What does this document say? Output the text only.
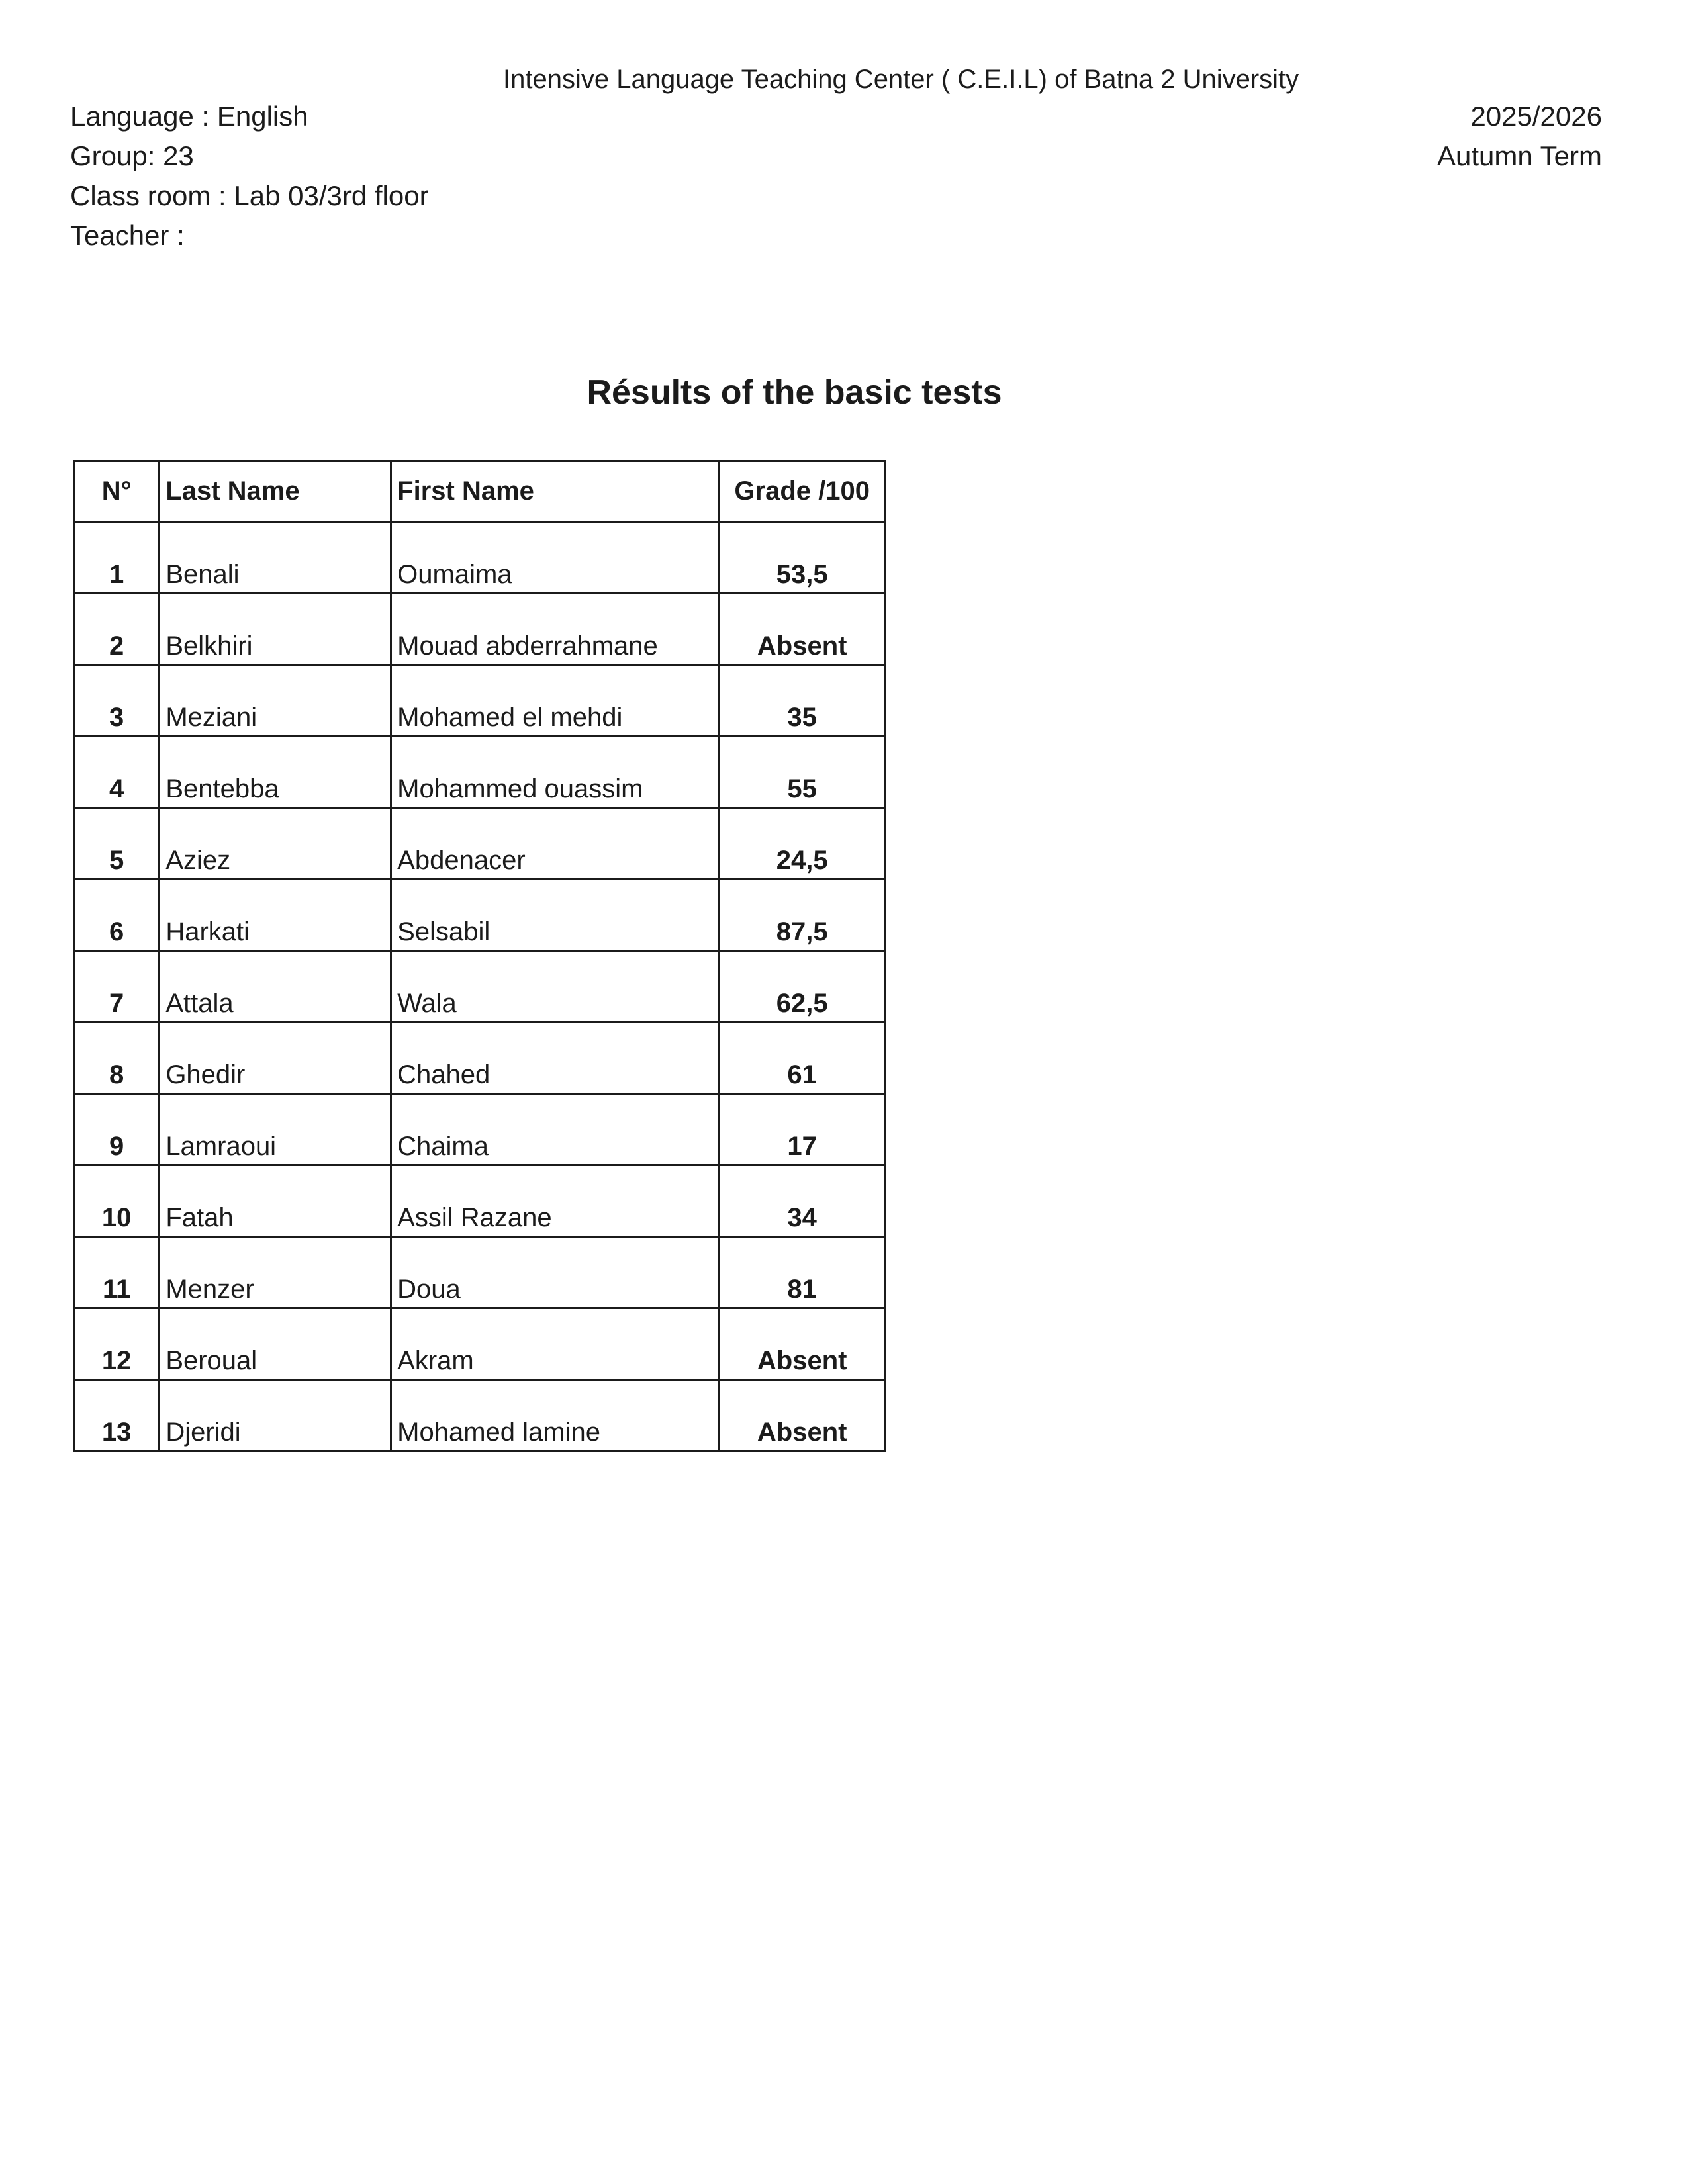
Intensive Language Teaching Center ( C.E.I.L) of Batna 2 University
Language : English
Group: 23
Class room : Lab 03/3rd floor
Teacher :
2025/2026
Autumn Term
Résults of the basic tests
N°	Last Name	First Name	Grade /100
1	Benali	Oumaima	53,5
2	Belkhiri	Mouad abderrahmane	Absent
3	Meziani	Mohamed el mehdi	35
4	Bentebba	Mohammed ouassim	55
5	Aziez	Abdenacer	24,5
6	Harkati	Selsabil	87,5
7	Attala	Wala	62,5
8	Ghedir	Chahed	61
9	Lamraoui	Chaima	17
10	Fatah	Assil Razane	34
11	Menzer	Doua	81
12	Beroual	Akram	Absent
13	Djeridi	Mohamed lamine	Absent
